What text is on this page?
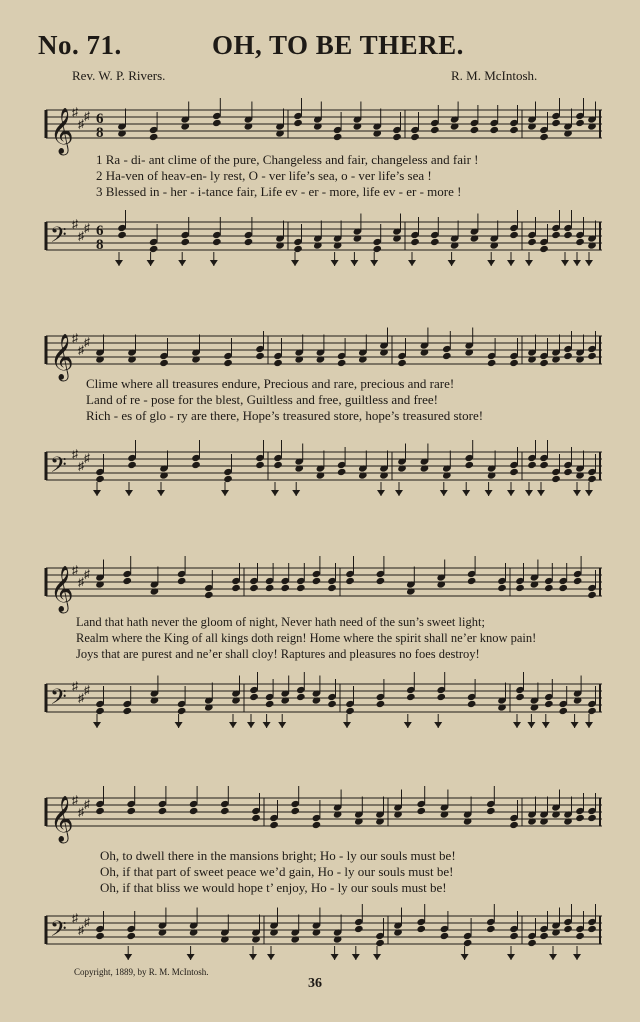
No. 71.	OH, TO BE THERE.
Rev. W. P. Rivers.	R. M. McIntosh.
𝄞
♯
♯
♯ 6
8
1 Ra - di- ant clime of the pure, Changeless and fair, changeless and fair !
2 Ha-ven of heav-en- ly rest, O - ver life’s sea, o - ver life’s sea !
3 Blessed in - her - i-tance fair, Life ev - er - more, life ev - er - more !
𝄢 ♯
♯
♯ 6
8
𝄞
♯
♯
♯
Clime where all treasures endure, Precious and rare, precious and rare!
Land of re - pose for the blest, Guiltless and free, guiltless and free!
Rich - es of glo - ry are there, Hope’s treasured store, hope’s treasured store!
𝄢 ♯
♯
♯
𝄞
♯
♯
♯
Land that hath never the gloom of night, Never hath need of the sun’s sweet light;
Realm where the King of all kings doth reign! Home where the spirit shall ne’er know pain!
Joys that are purest and ne’er shall cloy! Raptures and pleasures no foes destroy!
𝄢 ♯
♯
♯
𝄞
♯
♯
♯
Oh, to dwell there in the mansions bright; Ho - ly our souls must be!
Oh, if that part of sweet peace we’d gain, Ho - ly our souls must be!
Oh, if that bliss we would hope t’ enjoy, Ho - ly our souls must be!
𝄢 ♯
♯
♯
Copyright, 1889, by R. M. McIntosh.
36
